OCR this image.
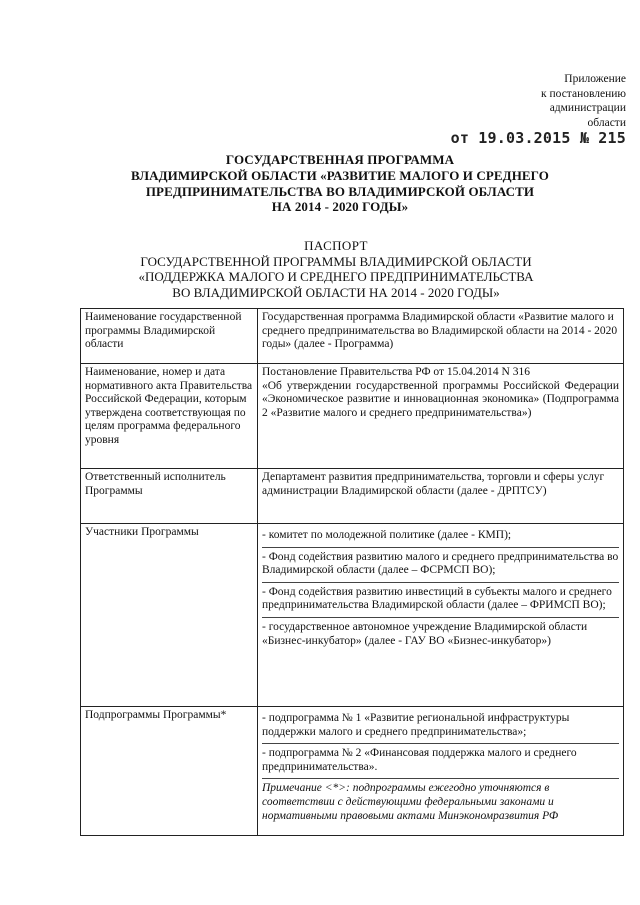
Приложение
к постановлению
администрации
области
от 19.03.2015 № 215
ГОСУДАРСТВЕННАЯ ПРОГРАММА
ВЛАДИМИРСКОЙ ОБЛАСТИ «РАЗВИТИЕ МАЛОГО И СРЕДНЕГО
ПРЕДПРИНИМАТЕЛЬСТВА ВО ВЛАДИМИРСКОЙ ОБЛАСТИ
НА 2014 - 2020 ГОДЫ»
ПАСПОРТ
ГОСУДАРСТВЕННОЙ ПРОГРАММЫ ВЛАДИМИРСКОЙ ОБЛАСТИ
«ПОДДЕРЖКА МАЛОГО И СРЕДНЕГО ПРЕДПРИНИМАТЕЛЬСТВА
ВО ВЛАДИМИРСКОЙ ОБЛАСТИ НА 2014 - 2020 ГОДЫ»
Наименование государственной программы Владимирской области	Государственная программа Владимирской области «Развитие малого и среднего предпринимательства во Владимирской области на 2014 - 2020 годы» (далее - Программа)

Наименование, номер и дата нормативного акта Правительства Российской Федерации, которым утверждена соответствующая по целям программа федерального уровня	Постановление Правительства РФ от 15.04.2014 N 316
«Об утверждении государственной программы Российской Федерации «Экономическое развитие и инновационная экономика» (Подпрограмма 2 «Развитие малого и среднего предпринимательства»)

Ответственный исполнитель Программы	Департамент развития предпринимательства, торговли и сферы услуг администрации Владимирской области (далее - ДРПТСУ)

Участники Программы	- комитет по молодежной политике (далее - КМП);
- Фонд содействия развитию малого и среднего предпринимательства во Владимирской области (далее – ФСРМСП ВО);
- Фонд содействия развитию инвестиций в субъекты малого и среднего предпринимательства Владимирской области (далее – ФРИМСП ВО);
- государственное автономное учреждение Владимирской области «Бизнес-инкубатор» (далее - ГАУ ВО «Бизнес-инкубатор»)

Подпрограммы Программы*	- подпрограмма № 1 «Развитие региональной инфраструктуры поддержки малого и среднего предпринимательства»;
- подпрограмма № 2 «Финансовая поддержка малого и среднего предпринимательства».
Примечание <*>: подпрограммы ежегодно уточняются в соответствии с действующими федеральными законами и нормативными правовыми актами Минэкономразвития РФ
